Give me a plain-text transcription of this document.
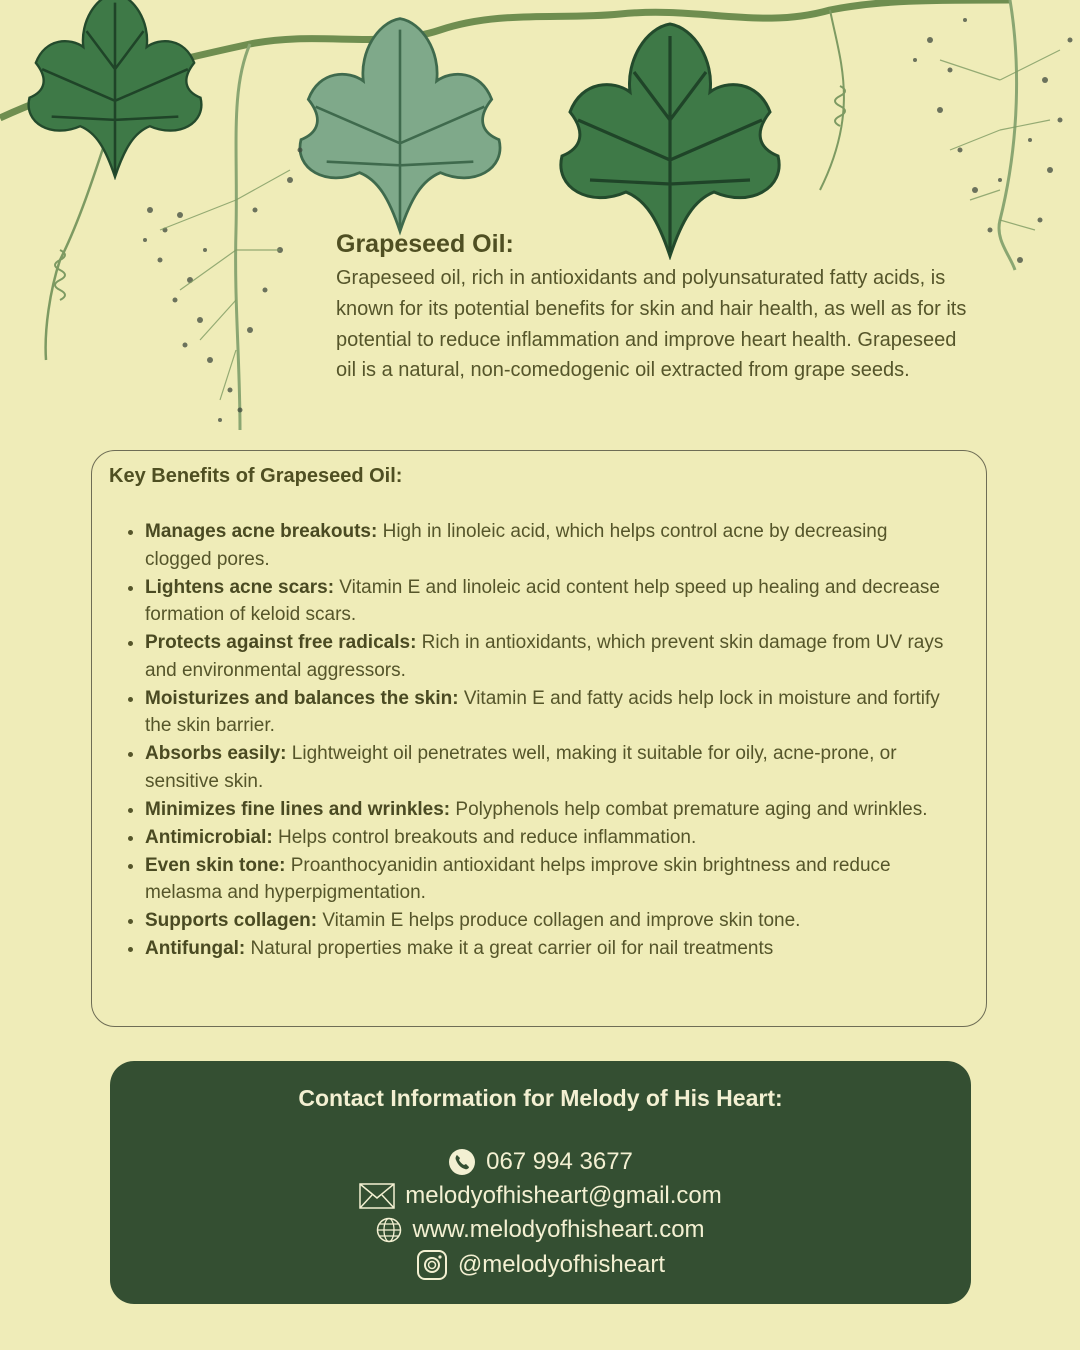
Grapeseed Oil:

Grapeseed oil, rich in antioxidants and polyunsaturated fatty acids, is known for its potential benefits for skin and hair health, as well as for its potential to reduce inflammation and improve heart health. Grapeseed oil is a natural, non-comedogenic oil extracted from grape seeds.

Key Benefits of Grapeseed Oil:
• Manages acne breakouts: High in linoleic acid, which helps control acne by decreasing clogged pores.
• Lightens acne scars: Vitamin E and linoleic acid content help speed up healing and decrease formation of keloid scars.
• Protects against free radicals: Rich in antioxidants, which prevent skin damage from UV rays and environmental aggressors.
• Moisturizes and balances the skin: Vitamin E and fatty acids help lock in moisture and fortify the skin barrier.
• Absorbs easily: Lightweight oil penetrates well, making it suitable for oily, acne-prone, or sensitive skin.
• Minimizes fine lines and wrinkles: Polyphenols help combat premature aging and wrinkles.
• Antimicrobial: Helps control breakouts and reduce inflammation.
• Even skin tone: Proanthocyanidin antioxidant helps improve skin brightness and reduce melasma and hyperpigmentation.
• Supports collagen: Vitamin E helps produce collagen and improve skin tone.
• Antifungal: Natural properties make it a great carrier oil for nail treatments
Contact Information for Melody of His Heart:
067 994 3677
melodyofhisheart@gmail.com
www.melodyofhisheart.com
@melodyofhisheart
